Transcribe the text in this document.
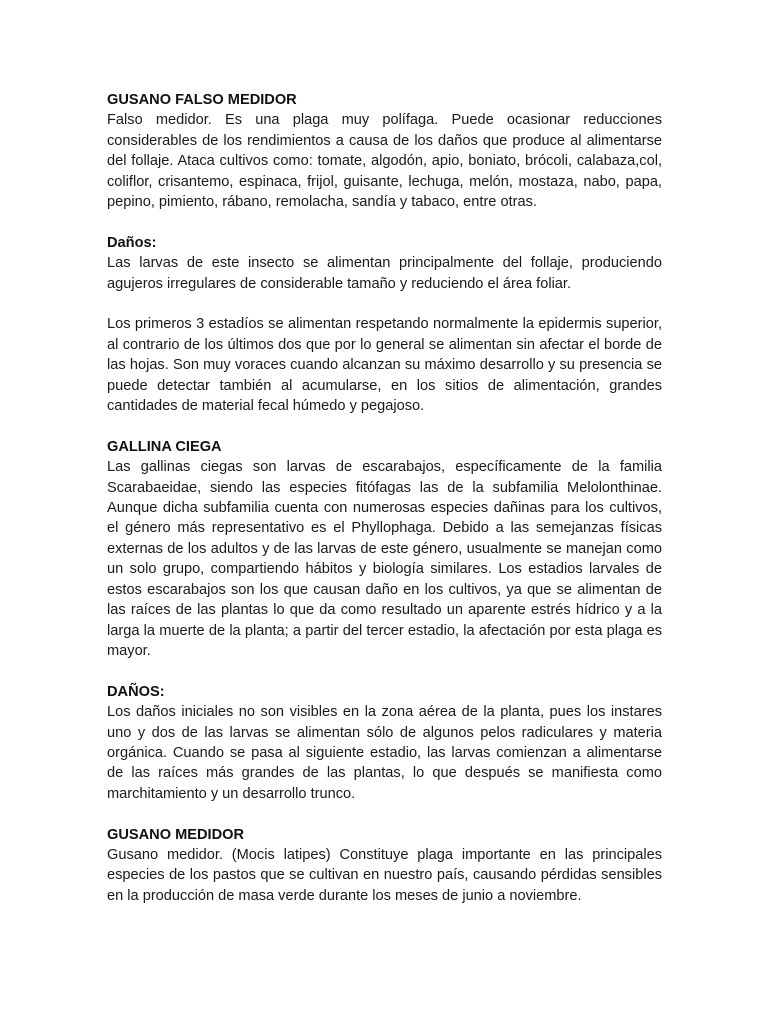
GUSANO FALSO MEDIDOR

Falso medidor. Es una plaga muy polífaga. Puede ocasionar reducciones considerables de los rendimientos a causa de los daños que produce al alimentarse del follaje. Ataca cultivos como: tomate, algodón, apio, boniato, brócoli, calabaza,col, coliflor, crisantemo, espinaca, frijol, guisante, lechuga, melón, mostaza, nabo, papa, pepino, pimiento, rábano, remolacha, sandía y tabaco, entre otras.

Daños:

Las larvas de este insecto se alimentan principalmente del follaje, produciendo agujeros irregulares de considerable tamaño y reduciendo el área foliar.

Los primeros 3 estadíos se alimentan respetando normalmente la epidermis superior, al contrario de los últimos dos que por lo general se alimentan sin afectar el borde de las hojas. Son muy voraces cuando alcanzan su máximo desarrollo y su presencia se puede detectar también al acumularse, en los sitios de alimentación, grandes cantidades de material fecal húmedo y pegajoso.

GALLINA CIEGA

Las gallinas ciegas son larvas de escarabajos, específicamente de la familia Scarabaeidae, siendo las especies fitófagas las de la subfamilia Melolonthinae. Aunque dicha subfamilia cuenta con numerosas especies dañinas para los cultivos, el género más representativo es el Phyllophaga. Debido a las semejanzas físicas externas de los adultos y de las larvas de este género, usualmente se manejan como un solo grupo, compartiendo hábitos y biología similares. Los estadios larvales de estos escarabajos son los que causan daño en los cultivos, ya que se alimentan de las raíces de las plantas lo que da como resultado un aparente estrés hídrico y a la larga la muerte de la planta; a partir del tercer estadio, la afectación por esta plaga es mayor.

DAÑOS:

Los daños iniciales no son visibles en la zona aérea de la planta, pues los instares uno y dos de las larvas se alimentan sólo de algunos pelos radiculares y materia orgánica. Cuando se pasa al siguiente estadio, las larvas comienzan a alimentarse de las raíces más grandes de las plantas, lo que después se manifiesta como marchitamiento y un desarrollo trunco.

GUSANO MEDIDOR

Gusano medidor. (Mocis latipes) Constituye plaga importante en las principales especies de los pastos que se cultivan en nuestro país, causando pérdidas sensibles en la producción de masa verde durante los meses de junio a noviembre.
